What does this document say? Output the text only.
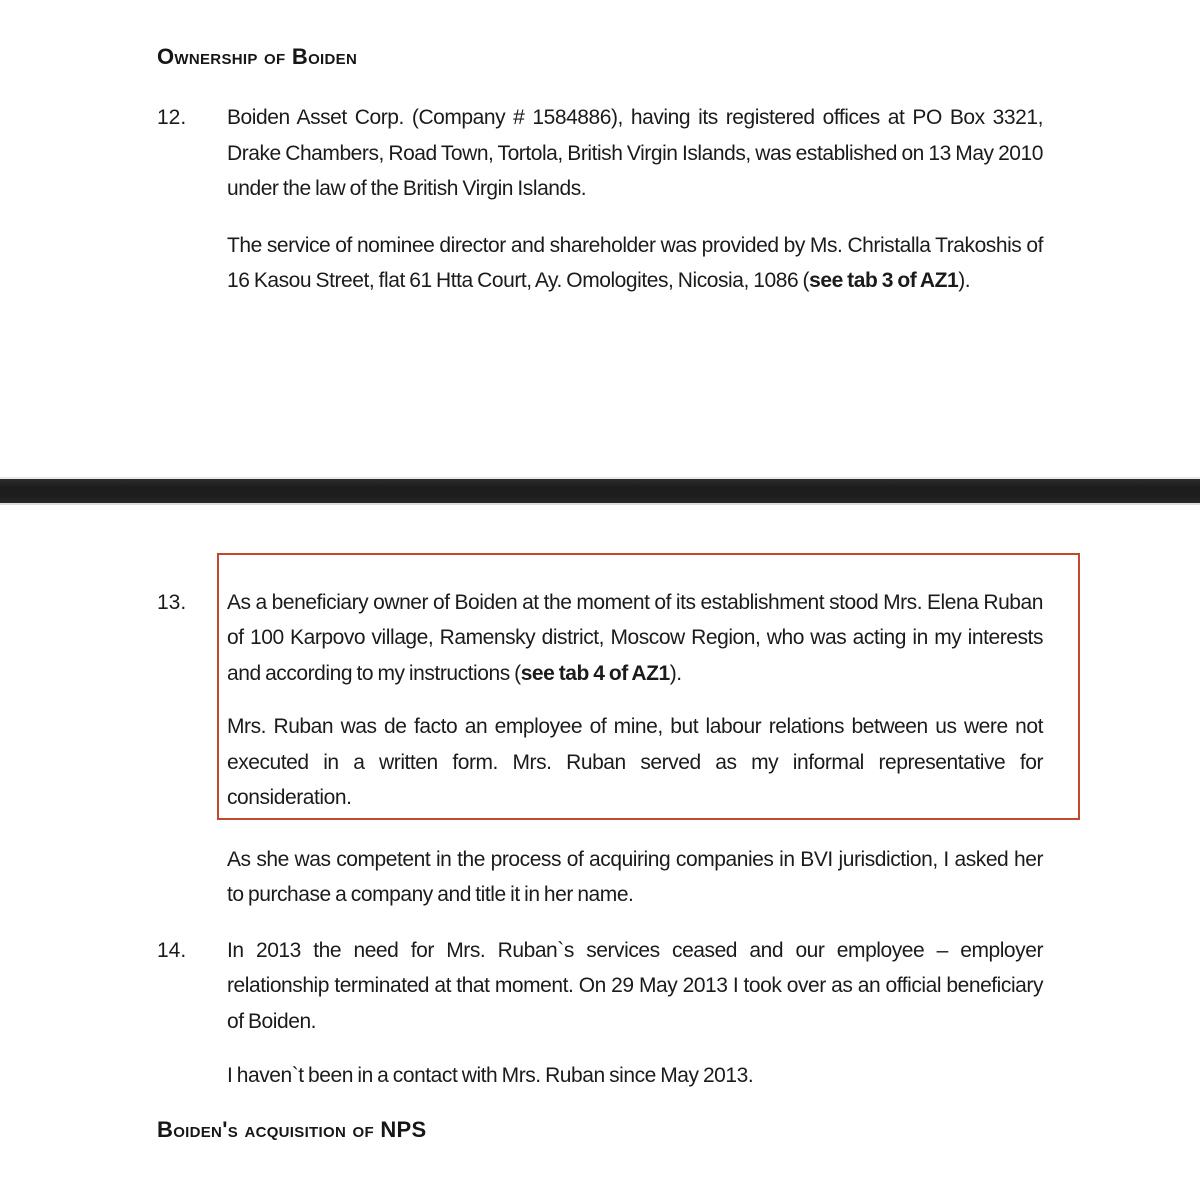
Ownership of Boiden
12.	Boiden Asset Corp. (Company # 1584886), having its registered offices at PO Box 3321, Drake Chambers, Road Town, Tortola, British Virgin Islands, was established on 13 May 2010 under the law of the British Virgin Islands.

The service of nominee director and shareholder was provided by Ms. Christalla Trakoshis of 16 Kasou Street, flat 61 Htta Court, Ay. Omologites, Nicosia, 1086 (see tab 3 of AZ1).

13.	As a beneficiary owner of Boiden at the moment of its establishment stood Mrs. Elena Ruban of 100 Karpovo village, Ramensky district, Moscow Region, who was acting in my interests and according to my instructions (see tab 4 of AZ1).

Mrs. Ruban was de facto an employee of mine, but labour relations between us were not executed in a written form. Mrs. Ruban served as my informal representative for consideration.

As she was competent in the process of acquiring companies in BVI jurisdiction, I asked her to purchase a company and title it in her name.

14.	In 2013 the need for Mrs. Ruban`s services ceased and our employee – employer relationship terminated at that moment. On 29 May 2013 I took over as an official beneficiary of Boiden.

I haven`t been in a contact with Mrs. Ruban since May 2013.

Boiden's acquisition of NPS
